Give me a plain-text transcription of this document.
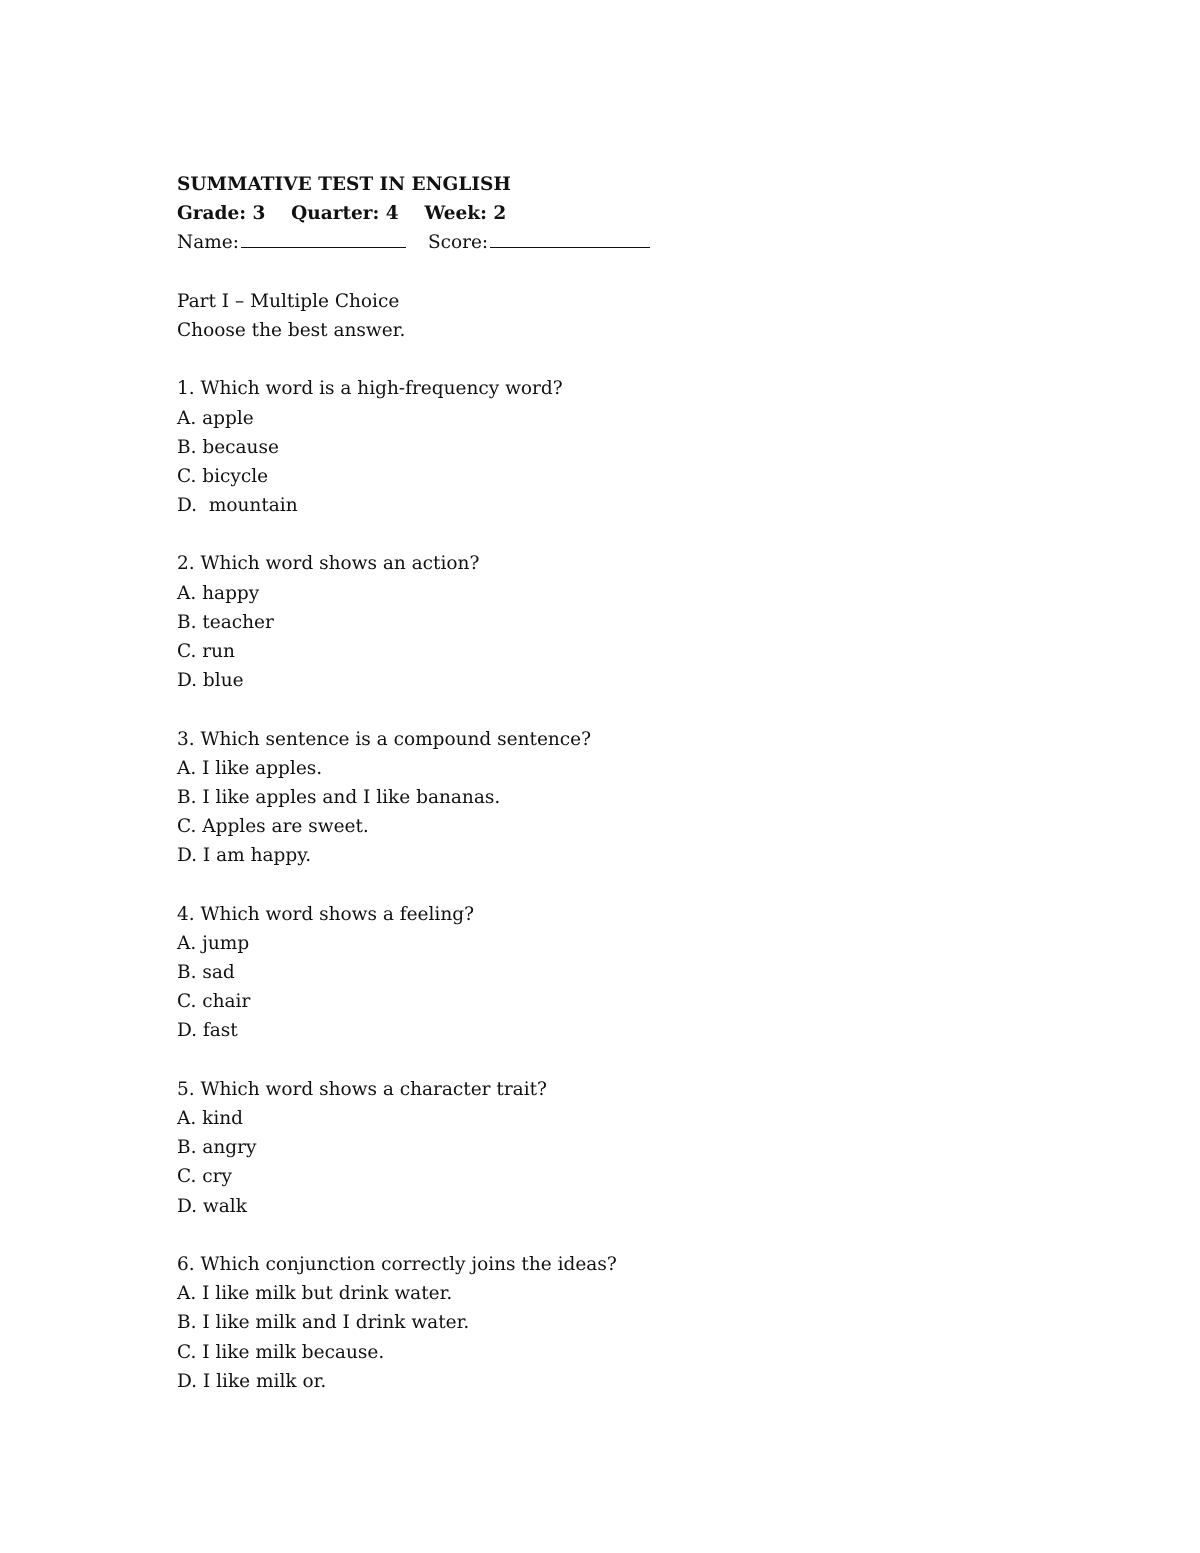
SUMMATIVE TEST IN ENGLISH
Grade: 3
Quarter: 4
Week: 2
Name:	Score:
Part I – Multiple Choice
Choose the best answer.
1. Which word is a high-frequency word?
A. apple
B. because
C. bicycle
D.  mountain
2. Which word shows an action?
A. happy
B. teacher
C. run
D. blue
3. Which sentence is a compound sentence?
A. I like apples.
B. I like apples and I like bananas.
C. Apples are sweet.
D. I am happy.
4. Which word shows a feeling?
A. jump
B. sad
C. chair
D. fast
5. Which word shows a character trait?
A. kind
B. angry
C. cry
D. walk
6. Which conjunction correctly joins the ideas?
A. I like milk but drink water.
B. I like milk and I drink water.
C. I like milk because.
D. I like milk or.
